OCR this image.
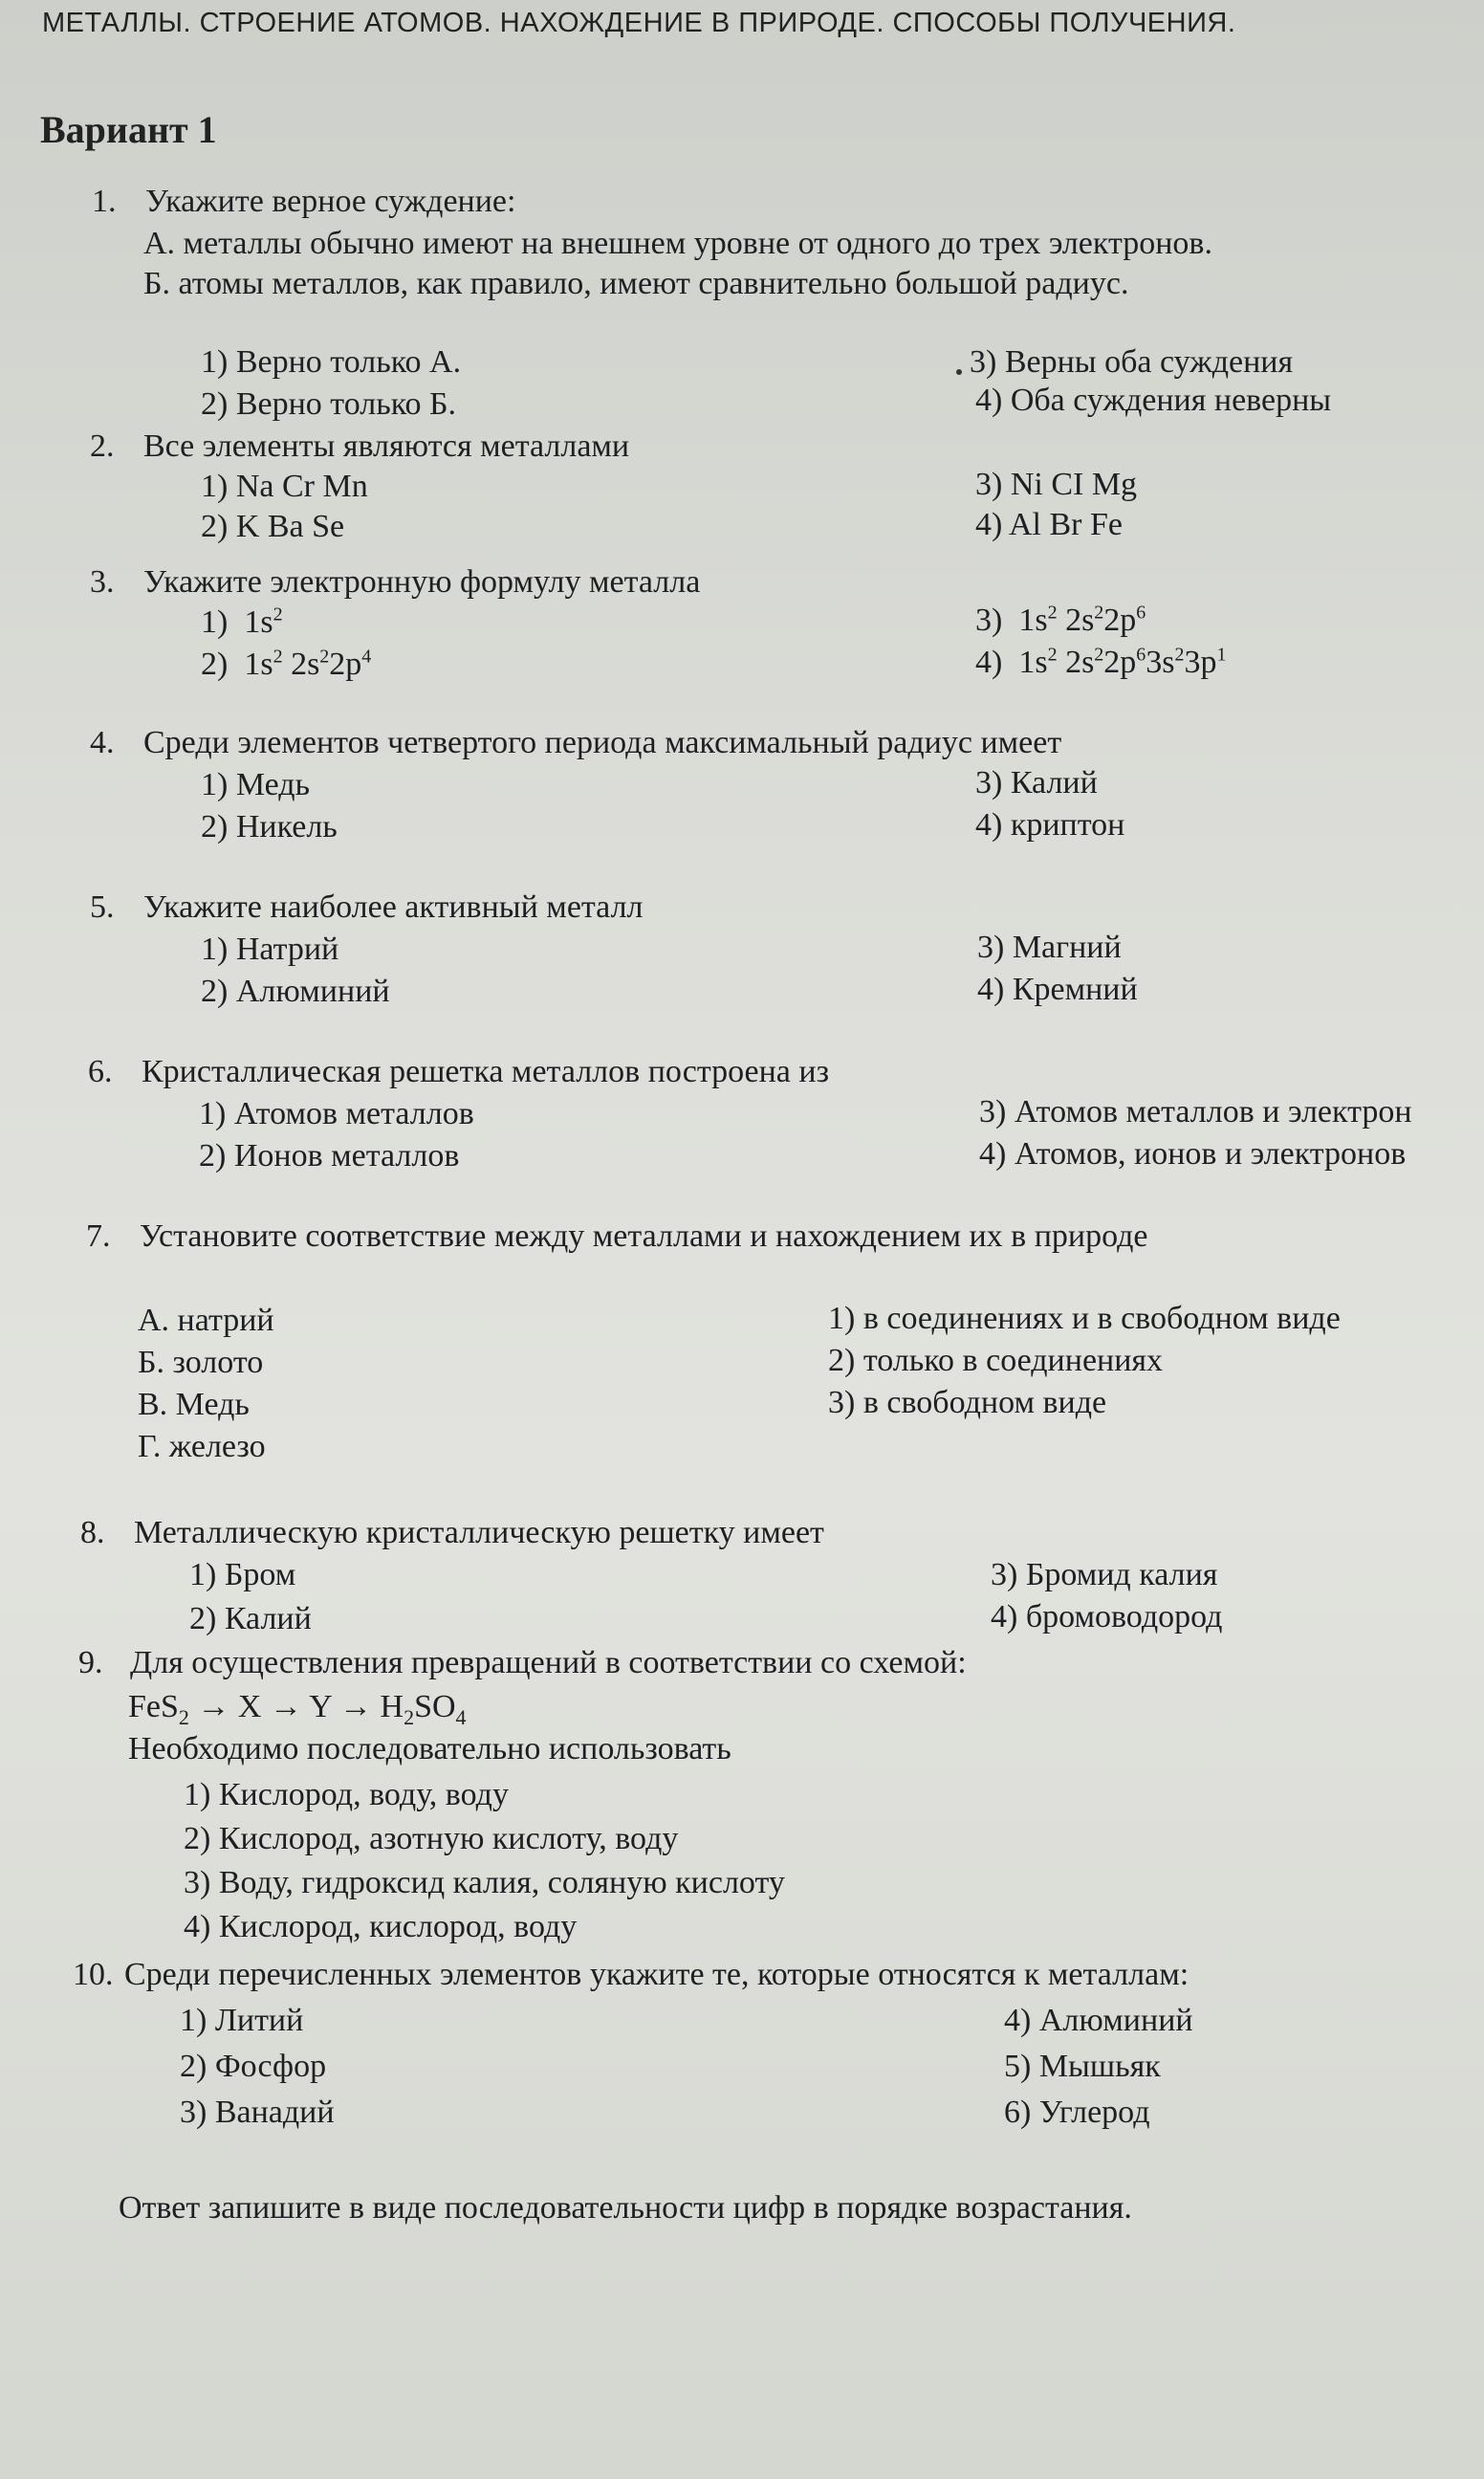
МЕТАЛЛЫ. СТРОЕНИЕ АТОМОВ. НАХОЖДЕНИЕ В ПРИРОДЕ. СПОСОБЫ ПОЛУЧЕНИЯ.
Вариант 1
1. Укажите верное суждение:
А. металлы обычно имеют на внешнем уровне от одного до трех электронов.
Б. атомы металлов, как правило, имеют сравнительно большой радиус.
1) Верно только А.
2) Верно только Б.
3) Верны оба суждения
4) Оба суждения неверны
2. Все элементы являются металлами
1) Na Cr Mn
2) K Ba Se
3) Ni CI Mg
4) Al Br Fe
3. Укажите электронную формулу металла
1)  $1s^2$
2)  $1s^2$ $2s^22p^4$
3)  $1s^2$ $2s^22p^6$
4)  $1s^2$ $2s^22p^63s^23p^1$
4. Среди элементов четвертого периода максимальный радиус имеет
1) Медь
2) Никель
3) Калий
4) криптон
5. Укажите наиболее активный металл
1) Натрий
2) Алюминий
3) Магний
4) Кремний
6. Кристаллическая решетка металлов построена из
1) Атомов металлов
2) Ионов металлов
3) Атомов металлов и электрон
4) Атомов, ионов и электронов
7. Установите соответствие между металлами и нахождением их в природе
А. натрий
Б. золото
В. Медь
Г. железо
1) в соединениях и в свободном виде
2) только в соединениях
3) в свободном виде
8. Металлическую кристаллическую решетку имеет
1) Бром
2) Калий
3) Бромид калия
4) бромоводород
9. Для осуществления превращений в соответствии со схемой:
$FeS_2 \to X \to Y \to H_2SO_4$
Необходимо последовательно использовать
1) Кислород, воду, воду
2) Кислород, азотную кислоту, воду
3) Воду, гидроксид калия, соляную кислоту
4) Кислород, кислород, воду
10. Среди перечисленных элементов укажите те, которые относятся к металлам:
1) Литий
2) Фосфор
3) Ванадий
4) Алюминий
5) Мышьяк
6) Углерод
Ответ запишите в виде последовательности цифр в порядке возрастания.
